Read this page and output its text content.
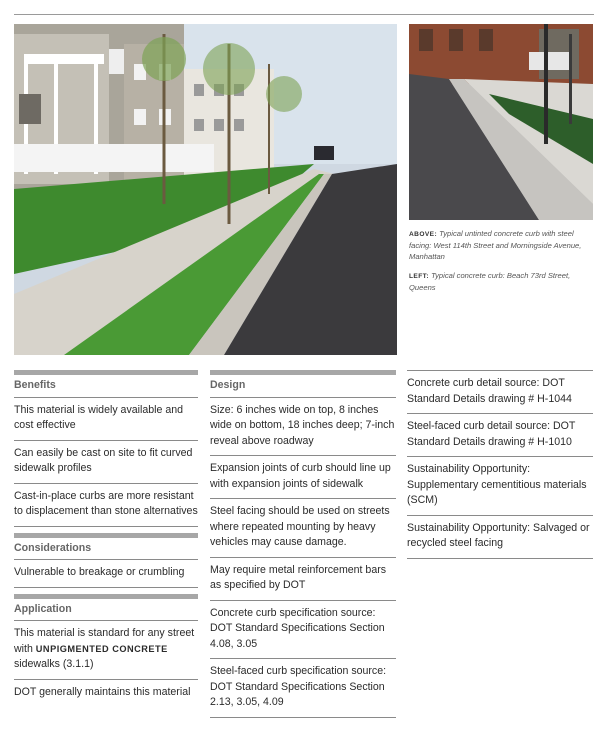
ABOVE: Typical untinted concrete curb with steel facing: West 114th Street and Morningside Avenue, Manhattan

LEFT: Typical concrete curb: Beach 73rd Street, Queens

Benefits
This material is widely available and cost effective
Can easily be cast on site to fit curved sidewalk profiles
Cast-in-place curbs are more resistant to displacement than stone alternatives
Considerations
Vulnerable to breakage or crumbling
Application
This material is standard for any street with UNPIGMENTED CONCRETE sidewalks (3.1.1)
DOT generally maintains this material
Design
Size: 6 inches wide on top, 8 inches wide on bottom, 18 inches deep; 7-inch reveal above roadway
Expansion joints of curb should line up with expansion joints of sidewalk
Steel facing should be used on streets where repeated mounting by heavy vehicles may cause damage.
May require metal reinforcement bars as specified by DOT
Concrete curb specification source: DOT Standard Specifications Section 4.08, 3.05
Steel-faced curb specification source: DOT Standard Specifications Section 2.13, 3.05, 4.09
Concrete curb detail source: DOT Standard Details drawing # H-1044
Steel-faced curb detail source: DOT Standard Details drawing # H-1010
Sustainability Opportunity: Supplementary cementitious materials (SCM)
Sustainability Opportunity: Salvaged or recycled steel facing
